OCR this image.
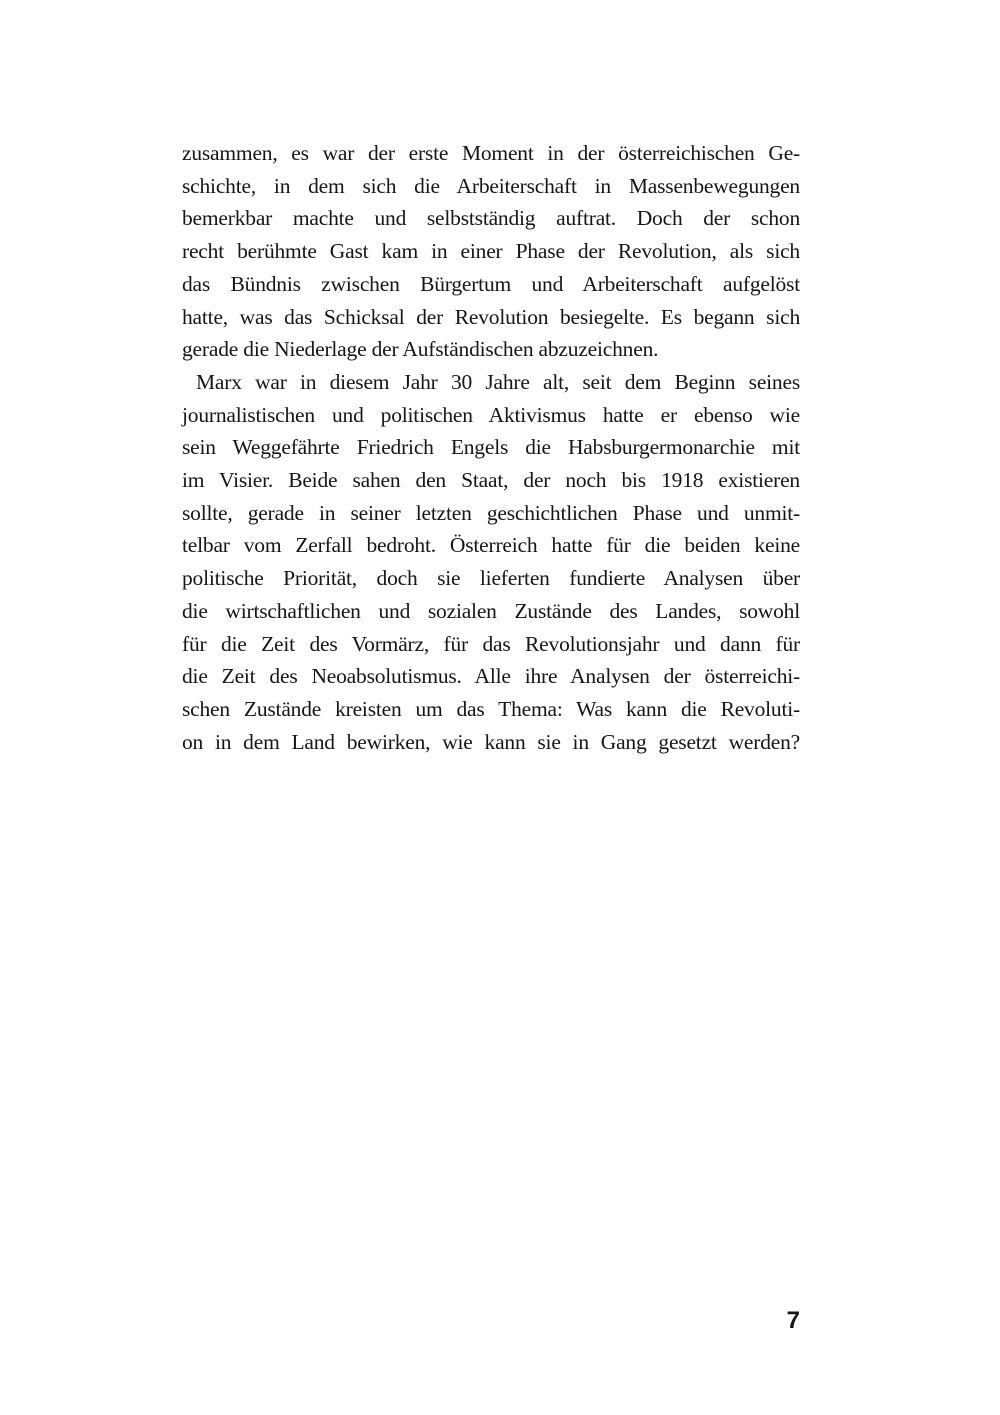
zusammen, es war der erste Moment in der österreichischen Ge-
schichte, in dem sich die Arbeiterschaft in Massenbewegungen
bemerkbar machte und selbstständig auftrat. Doch der schon
recht berühmte Gast kam in einer Phase der Revolution, als sich
das Bündnis zwischen Bürgertum und Arbeiterschaft aufgelöst
hatte, was das Schicksal der Revolution besiegelte. Es begann sich
gerade die Niederlage der Aufständischen abzuzeichnen.
Marx war in diesem Jahr 30 Jahre alt, seit dem Beginn seines
journalistischen und politischen Aktivismus hatte er ebenso wie
sein Weggefährte Friedrich Engels die Habsburgermonarchie mit
im Visier. Beide sahen den Staat, der noch bis 1918 existieren
sollte, gerade in seiner letzten geschichtlichen Phase und unmit-
telbar vom Zerfall bedroht. Österreich hatte für die beiden keine
politische Priorität, doch sie lieferten fundierte Analysen über
die wirtschaftlichen und sozialen Zustände des Landes, sowohl
für die Zeit des Vormärz, für das Revolutionsjahr und dann für
die Zeit des Neoabsolutismus. Alle ihre Analysen der österreichi-
schen Zustände kreisten um das Thema: Was kann die Revoluti-
on in dem Land bewirken, wie kann sie in Gang gesetzt werden?
7
